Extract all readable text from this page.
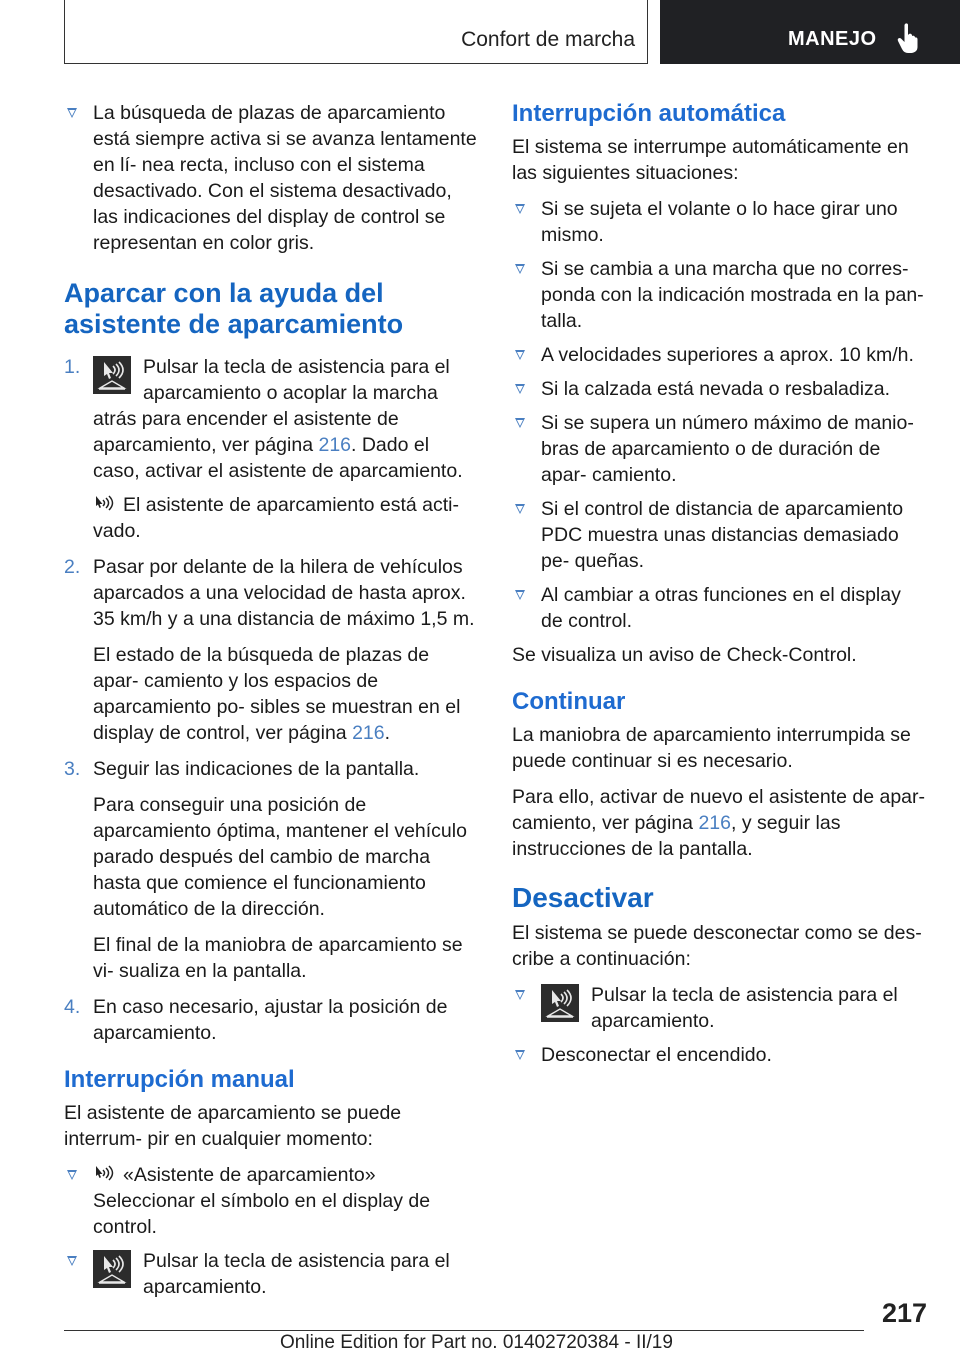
Confort de marcha	MANEJO
La búsqueda de plazas de aparcamiento está siempre activa si se avanza lentamente en lí- nea recta, incluso con el sistema desactivado. Con el sistema desactivado, las indicaciones del display de control se representan en color gris.
Aparcar con la ayuda del asistente de aparcamiento
1.	Pulsar la tecla de asistencia para el aparcamiento o acoplar la marcha atrás para encender el asistente de aparcamiento, ver página 216. Dado el caso, activar el asistente de aparcamiento.

El asistente de aparcamiento está acti- vado.

2. Pasar por delante de la hilera de vehículos aparcados a una velocidad de hasta aprox. 35 km/h y a una distancia de máximo 1,5 m.

El estado de la búsqueda de plazas de apar- camiento y los espacios de aparcamiento po- sibles se muestran en el display de control, ver página 216.

3. Seguir las indicaciones de la pantalla.

Para conseguir una posición de aparcamiento óptima, mantener el vehículo parado después del cambio de marcha hasta que comience el funcionamiento automático de la dirección.

El final de la maniobra de aparcamiento se vi- sualiza en la pantalla.

4. En caso necesario, ajustar la posición de aparcamiento.

Interrupción manual

El asistente de aparcamiento se puede interrum- pir en cualquier momento:

«Asistente de aparcamiento» Seleccionar el símbolo en el display de control.
Pulsar la tecla de asistencia para el aparcamiento.
Interrupción automática

El sistema se interrumpe automáticamente en las siguientes situaciones:

Si se sujeta el volante o lo hace girar uno mismo.
Si se cambia a una marcha que no corres- ponda con la indicación mostrada en la pan- talla.
A velocidades superiores a aprox. 10 km/h.
Si la calzada está nevada o resbaladiza.
Si se supera un número máximo de manio- bras de aparcamiento o de duración de apar- camiento.
Si el control de distancia de aparcamiento PDC muestra unas distancias demasiado pe- queñas.
Al cambiar a otras funciones en el display de control.

Se visualiza un aviso de Check-Control.

Continuar

La maniobra de aparcamiento interrumpida se puede continuar si es necesario.

Para ello, activar de nuevo el asistente de apar- camiento, ver página 216, y seguir las instrucciones de la pantalla.

Desactivar

El sistema se puede desconectar como se des- cribe a continuación:

Pulsar la tecla de asistencia para el aparcamiento.
Desconectar el encendido.
217
Online Edition for Part no. 01402720384 - II/19
